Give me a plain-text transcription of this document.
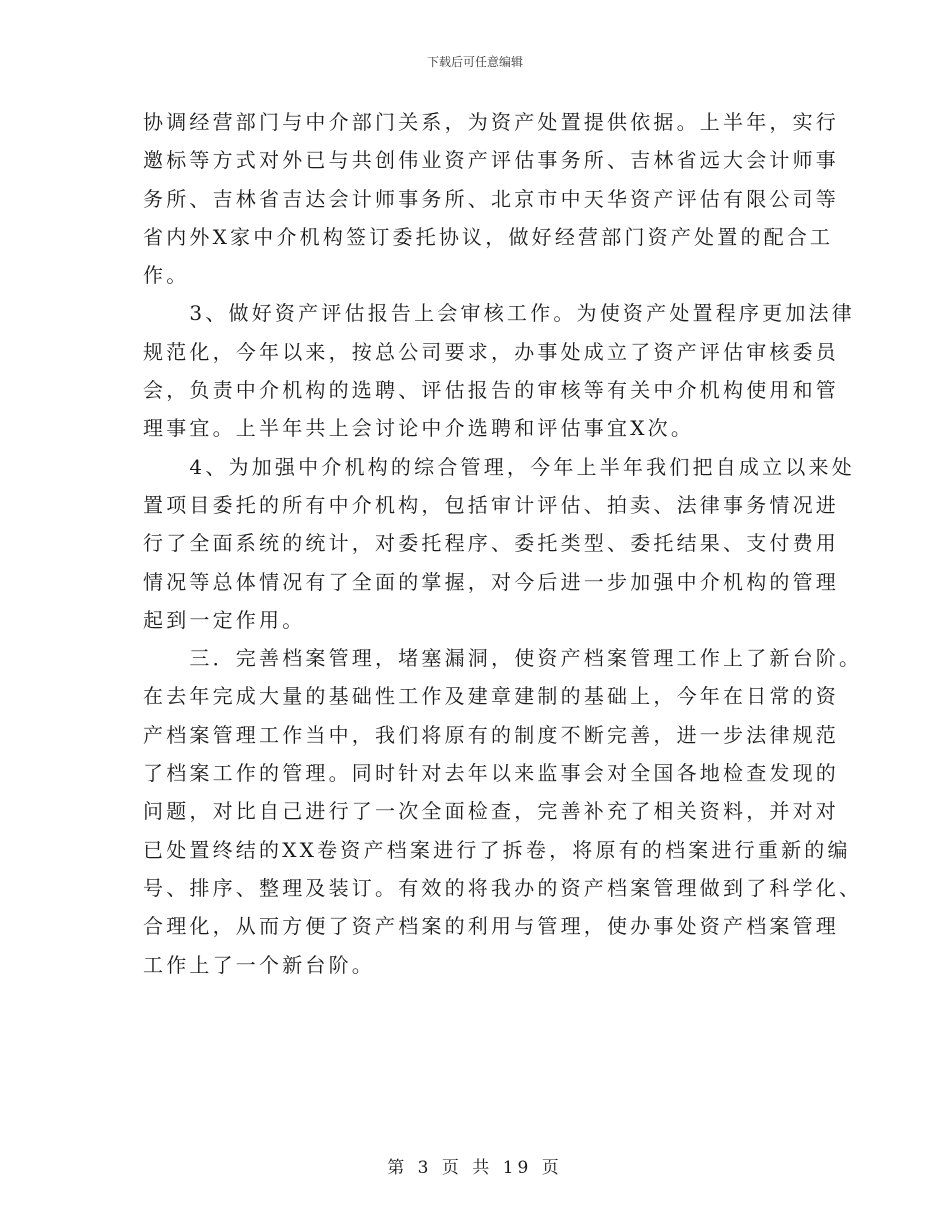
下载后可任意编辑
协调经营部门与中介部门关系，为资产处置提供依据。上半年，实行
邀标等方式对外已与共创伟业资产评估事务所、吉林省远大会计师事
务所、吉林省吉达会计师事务所、北京市中天华资产评估有限公司等
省内外X家中介机构签订委托协议，做好经营部门资产处置的配合工
作。
　　3、做好资产评估报告上会审核工作。为使资产处置程序更加法律
规范化，今年以来，按总公司要求，办事处成立了资产评估审核委员
会，负责中介机构的选聘、评估报告的审核等有关中介机构使用和管
理事宜。上半年共上会讨论中介选聘和评估事宜X次。
　　4、为加强中介机构的综合管理，今年上半年我们把自成立以来处
置项目委托的所有中介机构，包括审计评估、拍卖、法律事务情况进
行了全面系统的统计，对委托程序、委托类型、委托结果、支付费用
情况等总体情况有了全面的掌握，对今后进一步加强中介机构的管理
起到一定作用。
　　三．完善档案管理，堵塞漏洞，使资产档案管理工作上了新台阶。
在去年完成大量的基础性工作及建章建制的基础上，今年在日常的资
产档案管理工作当中，我们将原有的制度不断完善，进一步法律规范
了档案工作的管理。同时针对去年以来监事会对全国各地检查发现的
问题，对比自己进行了一次全面检查，完善补充了相关资料，并对对
已处置终结的XX卷资产档案进行了拆卷，将原有的档案进行重新的编
号、排序、整理及装订。有效的将我办的资产档案管理做到了科学化、
合理化，从而方便了资产档案的利用与管理，使办事处资产档案管理
工作上了一个新台阶。
第 3 页 共 19 页
